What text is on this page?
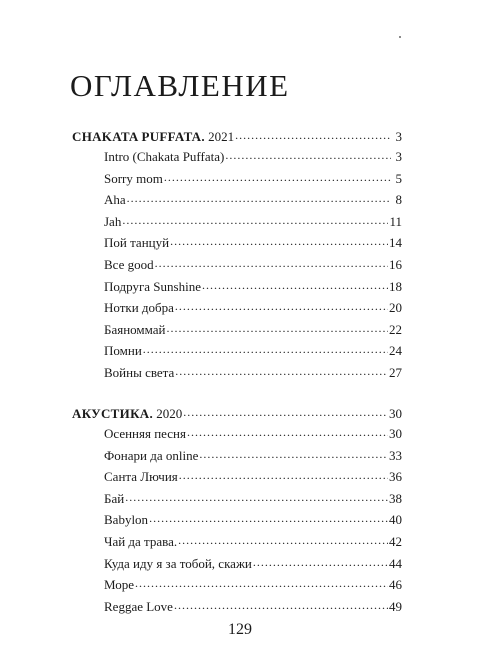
ОГЛАВЛЕНИЕ
CHAKATA PUFFATA. 2021 .....	3
Intro (Chakata Puffata) .....	3
Sorry mom .....	5
Aha .....	8
Jah .....	11
Пой танцуй .....	14
Все good .....	16
Подруга Sunshine .....	18
Нотки добра .....	20
Баяноммай .....	22
Помни .....	24
Войны света .....	27
АКУСТИКА. 2020 .....	30
Осенняя песня .....	30
Фонари да online .....	33
Санта Лючия .....	36
Бай .....	38
Babylon .....	40
Чай да трава. .....	42
Куда иду я за тобой, скажи .....	44
Море .....	46
Reggae Love .....	49
129
